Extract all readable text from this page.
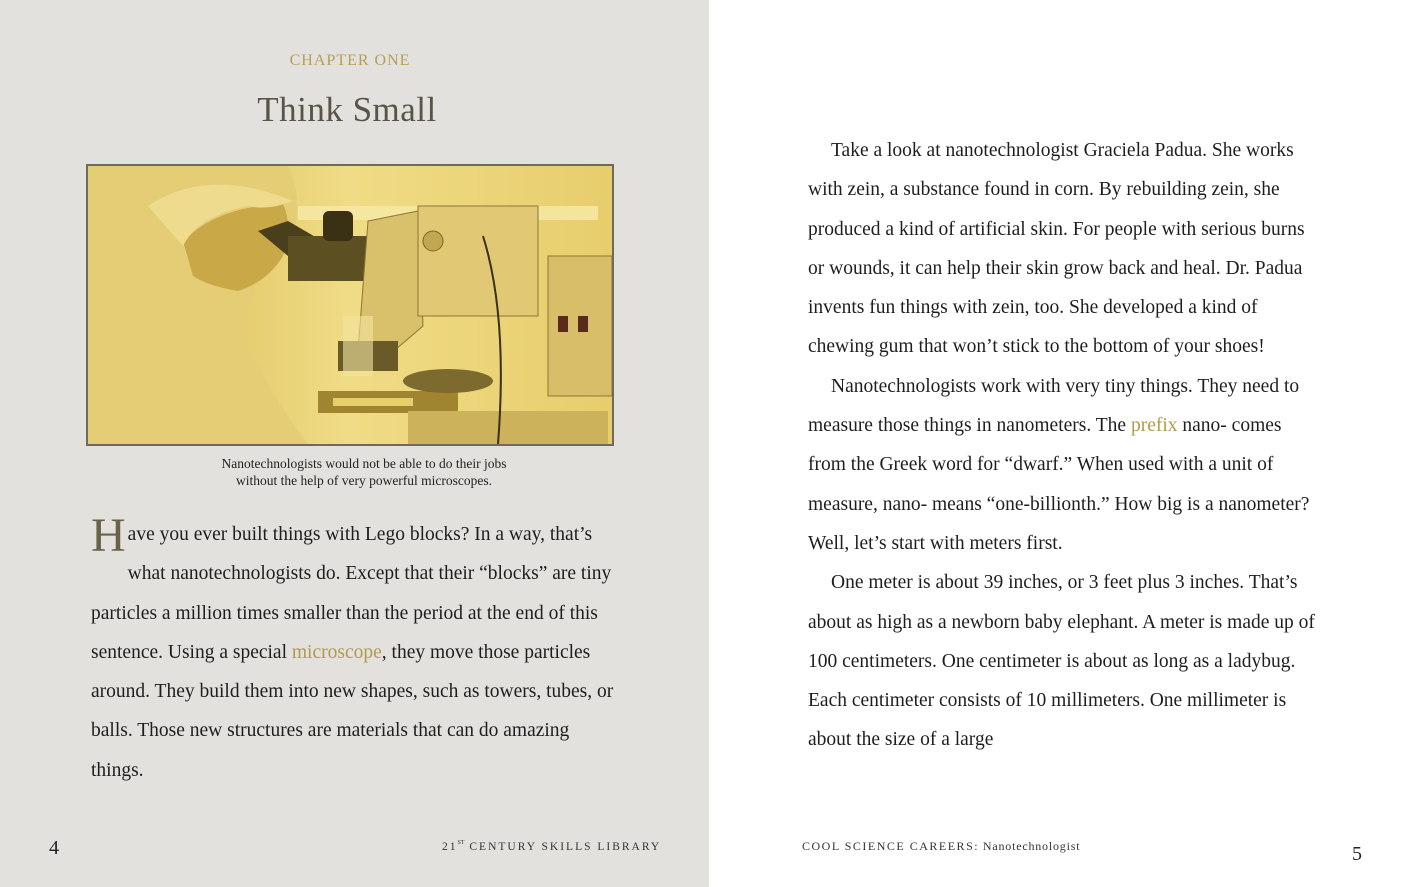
CHAPTER ONE
Think Small
Nanotechnologists would not be able to do their jobs
without the help of very powerful microscopes.

Have you ever built things with Lego blocks? In a way, that’s what nanotechnologists do. Except that their “blocks” are tiny particles a million times smaller than the period at the end of this sentence. Using a special microscope, they move those particles around. They build them into new shapes, such as towers, tubes, or balls. Those new structures are materials that can do amazing things.

4	21ST CENTURY SKILLS LIBRARY

Take a look at nanotechnologist Graciela Padua. She works with zein, a substance found in corn. By rebuilding zein, she produced a kind of artificial skin. For people with serious burns or wounds, it can help their skin grow back and heal. Dr. Padua invents fun things with zein, too. She developed a kind of chewing gum that won’t stick to the bottom of your shoes!

Nanotechnologists work with very tiny things. They need to measure those things in nanometers. The prefix nano- comes from the Greek word for “dwarf.” When used with a unit of measure, nano- means “one-billionth.” How big is a nanometer? Well, let’s start with meters first.

One meter is about 39 inches, or 3 feet plus 3 inches. That’s about as high as a newborn baby elephant. A meter is made up of 100 centimeters. One centimeter is about as long as a ladybug. Each centimeter consists of 10 millimeters. One millimeter is about the size of a large

COOL SCIENCE CAREERS: Nanotechnologist	5
